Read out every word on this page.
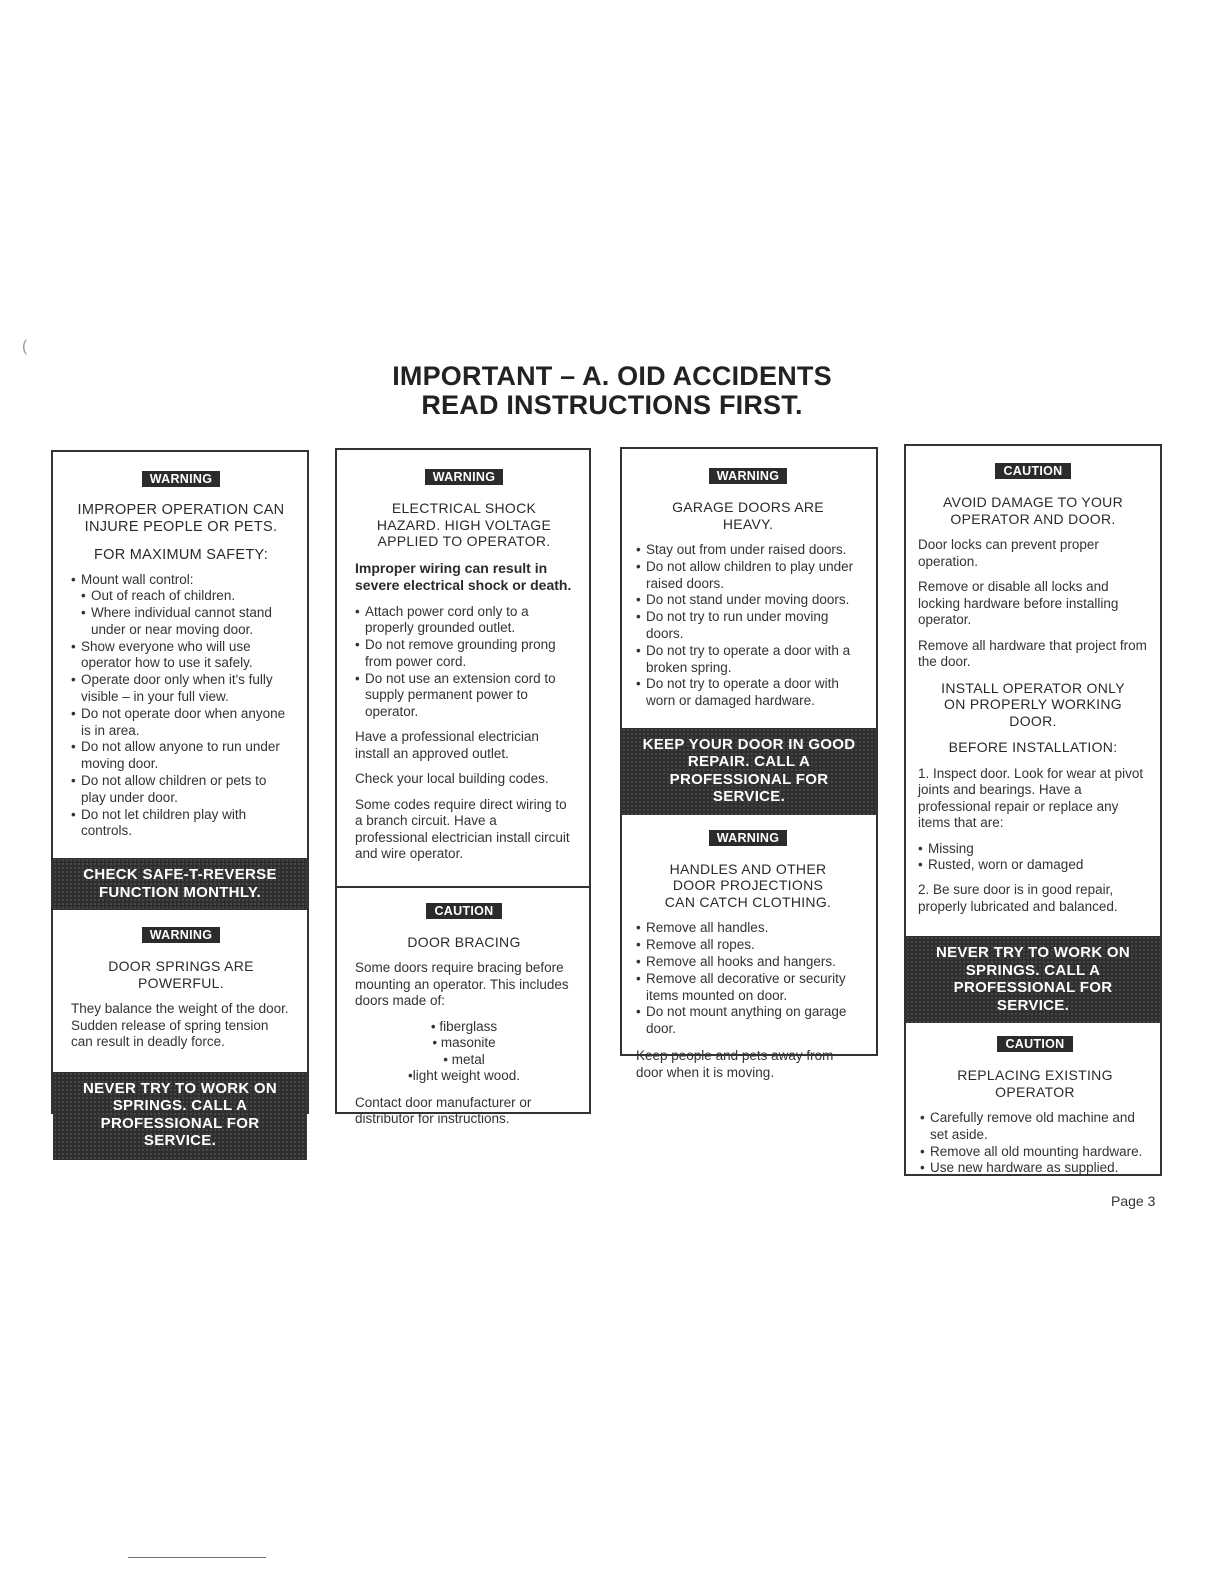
(
IMPORTANT – A. OID ACCIDENTS
READ INSTRUCTIONS FIRST.
WARNING
IMPROPER OPERATION CAN
INJURE PEOPLE OR PETS.
FOR MAXIMUM SAFETY:
• Mount wall control:
• Out of reach of children.
• Where individual cannot stand under or near moving door.
• Show everyone who will use operator how to use it safely.
• Operate door only when it's fully visible – in your full view.
• Do not operate door when anyone is in area.
• Do not allow anyone to run under moving door.
• Do not allow children or pets to play under door.
• Do not let children play with controls.
CHECK SAFE-T-REVERSE
FUNCTION MONTHLY.
WARNING
DOOR SPRINGS ARE
POWERFUL.

They balance the weight of the door. Sudden release of spring tension can result in deadly force.

NEVER TRY TO WORK ON
SPRINGS. CALL A
PROFESSIONAL FOR
SERVICE.
WARNING
ELECTRICAL SHOCK
HAZARD. HIGH VOLTAGE
APPLIED TO OPERATOR.
Improper wiring can result in severe electrical shock or death.
• Attach power cord only to a properly grounded outlet.
• Do not remove grounding prong from power cord.
• Do not use an extension cord to supply permanent power to operator.

Have a professional electrician install an approved outlet.

Check your local building codes.

Some codes require direct wiring to a branch circuit. Have a professional electrician install circuit and wire operator.

CAUTION
DOOR BRACING

Some doors require bracing before mounting an operator. This includes doors made of:

• fiberglass
• masonite
• metal
•light weight wood.

Contact door manufacturer or distributor for instructions.

WARNING
GARAGE DOORS ARE
HEAVY.
• Stay out from under raised doors.
• Do not allow children to play under raised doors.
• Do not stand under moving doors.
• Do not try to run under moving doors.
• Do not try to operate a door with a broken spring.
• Do not try to operate a door with worn or damaged hardware.
KEEP YOUR DOOR IN GOOD
REPAIR. CALL A
PROFESSIONAL FOR
SERVICE.
WARNING
HANDLES AND OTHER
DOOR PROJECTIONS
CAN CATCH CLOTHING.
• Remove all handles.
• Remove all ropes.
• Remove all hooks and hangers.
• Remove all decorative or security items mounted on door.
• Do not mount anything on garage door.

Keep people and pets away from door when it is moving.

CAUTION
AVOID DAMAGE TO YOUR
OPERATOR AND DOOR.

Door locks can prevent proper operation.

Remove or disable all locks and locking hardware before installing operator.

Remove all hardware that project from the door.

INSTALL OPERATOR ONLY
ON PROPERLY WORKING
DOOR.
BEFORE INSTALLATION:

1. Inspect door. Look for wear at pivot joints and bearings. Have a professional repair or replace any items that are:

• Missing
• Rusted, worn or damaged

2. Be sure door is in good repair, properly lubricated and balanced.

NEVER TRY TO WORK ON
SPRINGS. CALL A
PROFESSIONAL FOR
SERVICE.
CAUTION
REPLACING EXISTING
OPERATOR
• Carefully remove old machine and set aside.
• Remove all old mounting hardware.
• Use new hardware as supplied.
Page 3
